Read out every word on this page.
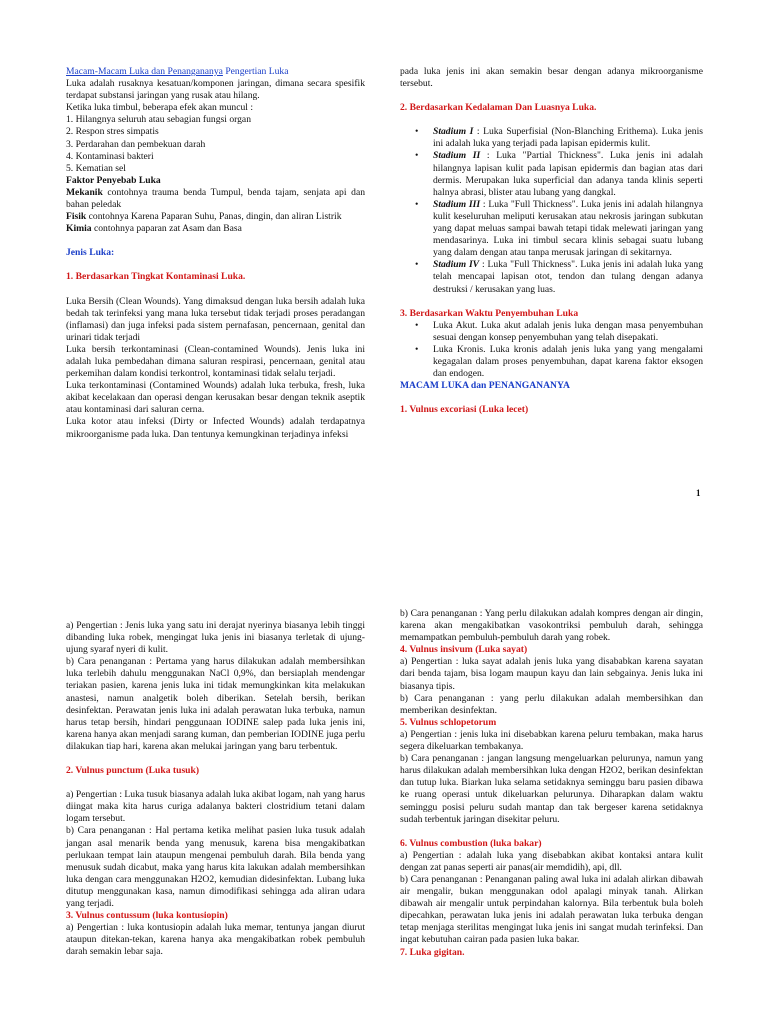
Macam-Macam Luka dan Penangananya Pengertian Luka

Luka adalah rusaknya kesatuan/komponen jaringan, dimana secara spesifik terdapat substansi jaringan yang rusak atau hilang.

Ketika luka timbul, beberapa efek akan muncul :

1. Hilangnya seluruh atau sebagian fungsi organ

2. Respon stres simpatis

3. Perdarahan dan pembekuan darah

4. Kontaminasi bakteri

5. Kematian sel

Faktor Penyebab Luka

Mekanik contohnya trauma benda Tumpul, benda tajam, senjata api dan bahan peledak

Fisik contohnya Karena Paparan Suhu, Panas, dingin, dan aliran Listrik

Kimia contohnya paparan zat Asam dan Basa

Jenis Luka:

1. Berdasarkan Tingkat Kontaminasi Luka.

Luka Bersih (Clean Wounds). Yang dimaksud dengan luka bersih adalah luka bedah tak terinfeksi yang mana luka tersebut tidak terjadi proses peradangan (inflamasi) dan juga infeksi pada sistem pernafasan, pencernaan, genital dan urinari tidak terjadi

Luka bersih terkontaminasi (Clean-contamined Wounds). Jenis luka ini adalah luka pembedahan dimana saluran respirasi, pencernaan, genital atau perkemihan dalam kondisi terkontrol, kontaminasi tidak selalu terjadi.

Luka terkontaminasi (Contamined Wounds) adalah luka terbuka, fresh, luka akibat kecelakaan dan operasi dengan kerusakan besar dengan teknik aseptik atau kontaminasi dari saluran cerna.

Luka kotor atau infeksi (Dirty or Infected Wounds) adalah terdapatnya mikroorganisme pada luka. Dan tentunya kemungkinan terjadinya infeksi

pada luka jenis ini akan semakin besar dengan adanya mikroorganisme tersebut.

2. Berdasarkan Kedalaman Dan Luasnya Luka.

• Stadium I : Luka Superfisial (Non-Blanching Erithema). Luka jenis ini adalah luka yang terjadi pada lapisan epidermis kulit.
• Stadium II : Luka "Partial Thickness". Luka jenis ini adalah hilangnya lapisan kulit pada lapisan epidermis dan bagian atas dari dermis. Merupakan luka superficial dan adanya tanda klinis seperti halnya abrasi, blister atau lubang yang dangkal.
• Stadium III : Luka "Full Thickness". Luka jenis ini adalah hilangnya kulit keseluruhan meliputi kerusakan atau nekrosis jaringan subkutan yang dapat meluas sampai bawah tetapi tidak melewati jaringan yang mendasarinya. Luka ini timbul secara klinis sebagai suatu lubang yang dalam dengan atau tanpa merusak jaringan di sekitarnya.
• Stadium IV : Luka "Full Thickness". Luka jenis ini adalah luka yang telah mencapai lapisan otot, tendon dan tulang dengan adanya destruksi / kerusakan yang luas.

3. Berdasarkan Waktu Penyembuhan Luka

• Luka Akut. Luka akut adalah jenis luka dengan masa penyembuhan sesuai dengan konsep penyembuhan yang telah disepakati.
• Luka Kronis. Luka kronis adalah jenis luka yang yang mengalami kegagalan dalam proses penyembuhan, dapat karena faktor eksogen dan endogen.

MACAM LUKA dan PENANGANANYA

1. Vulnus excoriasi (Luka lecet)

1

a) Pengertian : Jenis luka yang satu ini derajat nyerinya biasanya lebih tinggi dibanding luka robek, mengingat luka jenis ini biasanya terletak di ujung-ujung syaraf nyeri di kulit.

b) Cara penanganan : Pertama yang harus dilakukan adalah membersihkan luka terlebih dahulu menggunakan NaCl 0,9%, dan bersiaplah mendengar teriakan pasien, karena jenis luka ini tidak memungkinkan kita melakukan anastesi, namun analgetik boleh diberikan. Setelah bersih, berikan desinfektan. Perawatan jenis luka ini adalah perawatan luka terbuka, namun harus tetap bersih, hindari penggunaan IODINE salep pada luka jenis ini, karena hanya akan menjadi sarang kuman, dan pemberian IODINE juga perlu dilakukan tiap hari, karena akan melukai jaringan yang baru terbentuk.

2. Vulnus punctum (Luka tusuk)

a) Pengertian : Luka tusuk biasanya adalah luka akibat logam, nah yang harus diingat maka kita harus curiga adalanya bakteri clostridium tetani dalam logam tersebut.

b) Cara penanganan : Hal pertama ketika melihat pasien luka tusuk adalah jangan asal menarik benda yang menusuk, karena bisa mengakibatkan perlukaan tempat lain ataupun mengenai pembuluh darah. Bila benda yang menusuk sudah dicabut, maka yang harus kita lakukan adalah membersihkan luka dengan cara menggunakan H2O2, kemudian didesinfektan. Lubang luka ditutup menggunakan kasa, namun dimodifikasi sehingga ada aliran udara yang terjadi.

3. Vulnus contussum (luka kontusiopin)

a) Pengertian : luka kontusiopin adalah luka memar, tentunya jangan diurut ataupun ditekan-tekan, karena hanya aka mengakibatkan robek pembuluh darah semakin lebar saja.

b) Cara penanganan : Yang perlu dilakukan adalah kompres dengan air dingin, karena akan mengakibatkan vasokontriksi pembuluh darah, sehingga memampatkan pembuluh-pembuluh darah yang robek.

4. Vulnus insivum (Luka sayat)

a) Pengertian : luka sayat adalah jenis luka yang disababkan karena sayatan dari benda tajam, bisa logam maupun kayu dan lain sebgainya. Jenis luka ini biasanya tipis.

b) Cara penanganan : yang perlu dilakukan adalah membersihkan dan memberikan desinfektan.

5. Vulnus schlopetorum

a) Pengertian : jenis luka ini disebabkan karena peluru tembakan, maka harus segera dikeluarkan tembakanya.

b) Cara penanganan : jangan langsung mengeluarkan pelurunya, namun yang harus dilakukan adalah membersihkan luka dengan H2O2, berikan desinfektan dan tutup luka. Biarkan luka selama setidaknya seminggu baru pasien dibawa ke ruang operasi untuk dikeluarkan pelurunya. Diharapkan dalam waktu seminggu posisi peluru sudah mantap dan tak bergeser karena setidaknya sudah terbentuk jaringan disekitar peluru.

6. Vulnus combustion (luka bakar)

a) Pengertian : adalah luka yang disebabkan akibat kontaksi antara kulit dengan zat panas seperti air panas(air memdidih), api, dll.

b) Cara penanganan : Penanganan paling awal luka ini adalah alirkan dibawah air mengalir, bukan menggunakan odol apalagi minyak tanah. Alirkan dibawah air mengalir untuk perpindahan kalornya. Bila terbentuk bula boleh dipecahkan, perawatan luka jenis ini adalah perawatan luka terbuka dengan tetap menjaga sterilitas mengingat luka jenis ini sangat mudah terinfeksi. Dan ingat kebutuhan cairan pada pasien luka bakar.

7. Luka gigitan.
